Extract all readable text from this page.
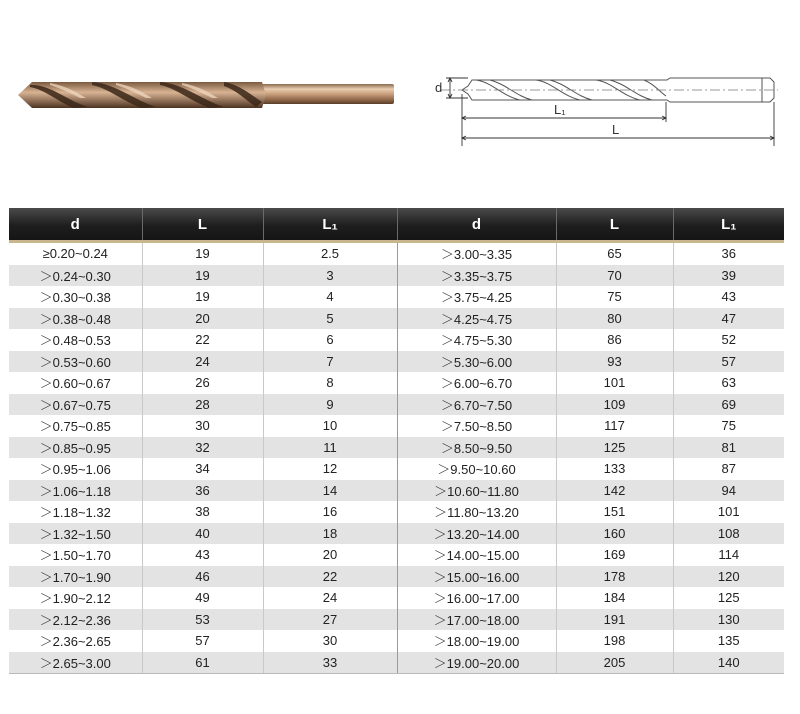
d
L₁
L
d	L	L₁	d	L	L₁
≥0.20~0.24	19	2.5	＞3.00~3.35	65	36
＞0.24~0.30	19	3	＞3.35~3.75	70	39
＞0.30~0.38	19	4	＞3.75~4.25	75	43
＞0.38~0.48	20	5	＞4.25~4.75	80	47
＞0.48~0.53	22	6	＞4.75~5.30	86	52
＞0.53~0.60	24	7	＞5.30~6.00	93	57
＞0.60~0.67	26	8	＞6.00~6.70	101	63
＞0.67~0.75	28	9	＞6.70~7.50	109	69
＞0.75~0.85	30	10	＞7.50~8.50	117	75
＞0.85~0.95	32	11	＞8.50~9.50	125	81
＞0.95~1.06	34	12	＞9.50~10.60	133	87
＞1.06~1.18	36	14	＞10.60~11.80	142	94
＞1.18~1.32	38	16	＞11.80~13.20	151	101
＞1.32~1.50	40	18	＞13.20~14.00	160	108
＞1.50~1.70	43	20	＞14.00~15.00	169	114
＞1.70~1.90	46	22	＞15.00~16.00	178	120
＞1.90~2.12	49	24	＞16.00~17.00	184	125
＞2.12~2.36	53	27	＞17.00~18.00	191	130
＞2.36~2.65	57	30	＞18.00~19.00	198	135
＞2.65~3.00	61	33	＞19.00~20.00	205	140
